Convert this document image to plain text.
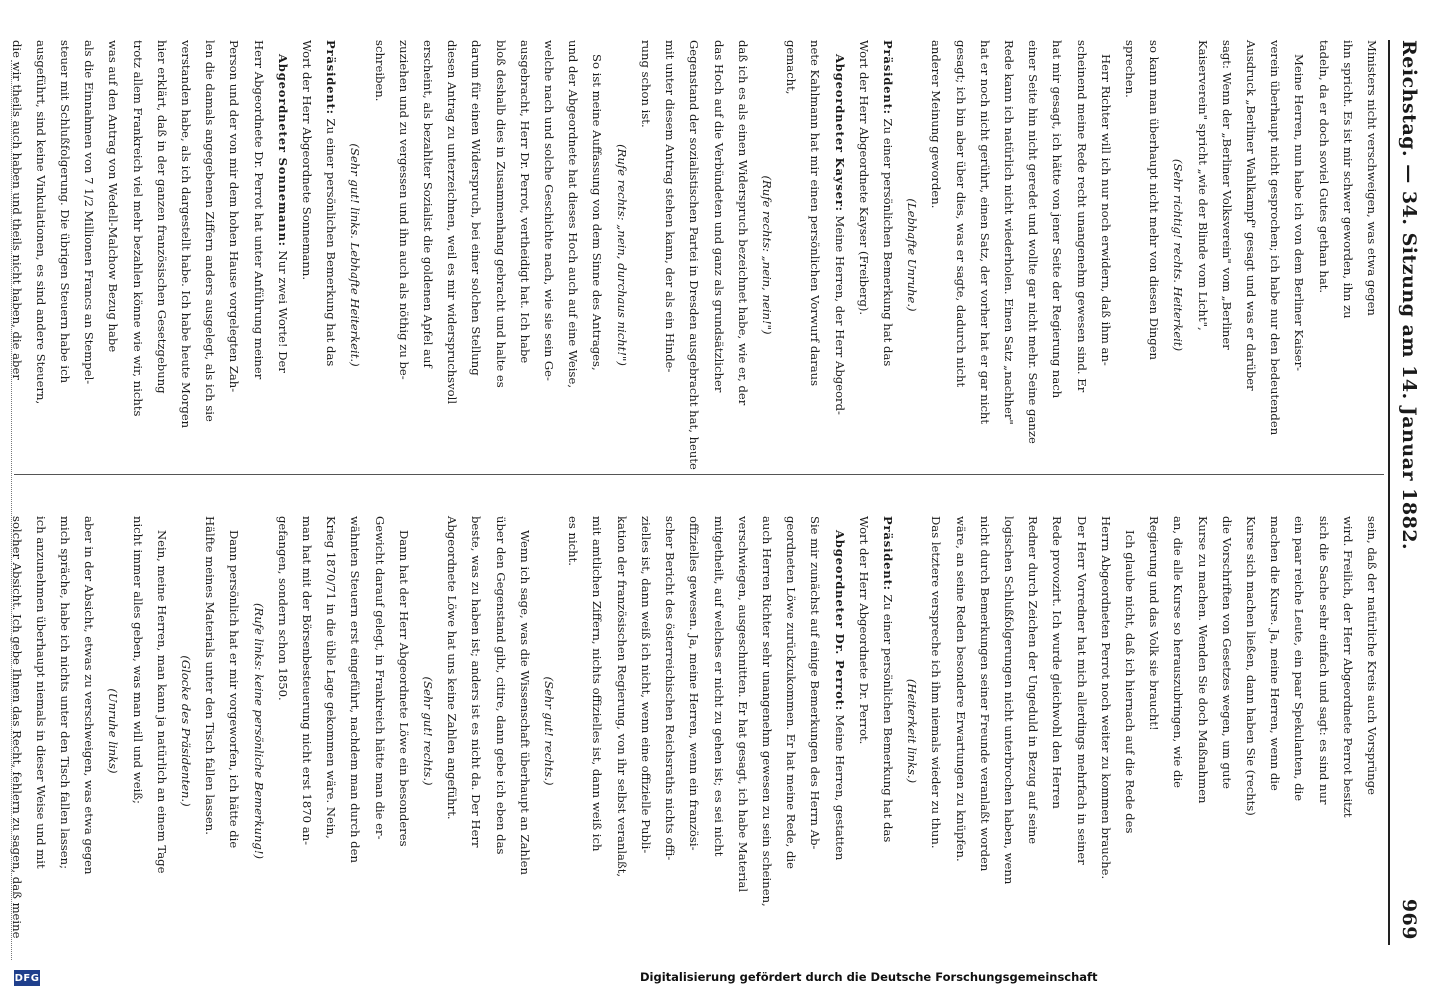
Reichstag. — 34. Sitzung am 14. Januar 1882.
969
sein, daß der natürliche Kreis auch Vorsprünge
wird. Freilich, der Herr Abgeordnete Perrot besitzt
sich die Sache sehr einfach und sagt: es sind nur
ein paar reiche Leute, ein paar Spekulanten, die
machen die Kurse. Ja, meine Herren, wenn die
Kurse sich machen ließen, dann haben Sie (rechts)
die Vorschriften von Gesetzes wegen, um gute
Kurse zu machen. Wenden Sie doch Maßnahmen
an, die alle Kurse so herauszubringen, wie die
Regierung und das Volk sie braucht!
Ich glaube nicht, daß ich hiernach auf die Rede des
Herrn Abgeordneten Perrot noch weiter zu kommen brauche.
Der Herr Vorredner hat mich allerdings mehrfach in seiner
Rede provozirt. Ich wurde gleichwohl den Herren
Redner durch Zeichen der Ungeduld in Bezug auf seine
logischen Schlußfolgerungen nicht unterbrochen haben, wenn
nicht durch Bemerkungen seiner Freunde veranlaßt worden
wäre, an seine Reden besondere Erwartungen zu knüpfen.
Das letztere verspreche ich ihm niemals wieder zu thun.
(Heiterkeit links.)
Präsident: Zu einer persönlichen Bemerkung hat das
Wort der Herr Abgeordnete Dr. Perrot.
Abgeordneter Dr. Perrot: Meine Herren, gestatten
Sie mir zunächst auf einige Bemerkungen des Herrn Ab-
geordneten Löwe zurückzukommen. Er hat meine Rede, die
auch Herren Richter sehr unangenehm gewesen zu sein scheinen,
verschwiegen, ausgeschnitten. Er hat gesagt, ich habe Material
mitgetheilt, auf welches er nicht zu gehen ist; es sei nicht
offizielles gewesen. Ja, meine Herren, wenn ein französi-
scher Bericht des österreichischen Reichsraths nichts offi-
zielles ist, dann weiß ich nicht, wenn eine offizielle Publi-
kation der französischen Regierung, von ihr selbst veranlaßt,
mit amtlichen Ziffern, nichts offizielles ist, dann weiß ich
es nicht.
(Sehr gut! rechts.)
Wenn ich sage, was die Wissenschaft überhaupt an Zahlen
über den Gegenstand gibt, citire, dann gebe ich eben das
beste, was zu haben ist; anders ist es nicht da. Der Herr
Abgeordnete Löwe hat uns keine Zahlen angeführt.
(Sehr gut! rechts.)
Dann hat der Herr Abgeordnete Löwe ein besonderes
Gewicht darauf gelegt, in Frankreich hätte man die er-
wähnten Steuern erst eingeführt, nachdem man durch den
Krieg 1870/71 in die üble Lage gekommen wäre. Nein,
man hat mit der Börsenbesteuerung nicht erst 1870 an-
gefangen, sondern schon 1850.
(Rufe links: keine persönliche Bemerkung!)
Dann persönlich hat er mir vorgeworfen, ich hätte die
Hälfte meines Materials unter den Tisch fallen lassen.
(Glocke des Präsidenten.)
Nein, meine Herren, man kann ja natürlich an einem Tage
nicht immer alles geben, was man will und weiß;
(Unruhe links)
aber in der Absicht, etwas zu verschweigen, was etwa gegen
mich spräche, habe ich nichts unter den Tisch fallen lassen;
ich anzunehmen überhaupt niemals in dieser Weise und mit
solcher Absicht. Ich gebe Ihnen das Recht, fehlern zu sagen, daß meine
Ministers nicht verschweigen, was etwa gegen
ihn spricht. Es ist mir schwer geworden, ihn zu
tadeln, da er doch soviel Gutes gethan hat.
Meine Herren, nun habe ich von dem Berliner Kaiser-
verein überhaupt nicht gesprochen; ich habe nur den bedeutenden
Ausdruck „Berliner Wahlkampf" gesagt und was er darüber
sagt: Wenn der „Berliner Volksverein" vom „Berliner
Kaiserverein" spricht „wie der Blinde vom Licht",
(Sehr richtig! rechts. Heiterkeit)
so kann man überhaupt nicht mehr von diesen Dingen
sprechen.
Herr Richter will ich nur noch erwidern, daß ihm an-
scheinend meine Rede recht unangenehm gewesen sind. Er
hat mir gesagt, ich hätte von jener Seite der Regierung nach
einer Seite hin nicht geredet und wollte gar nicht mehr. Seine ganze
Rede kann ich natürlich nicht wiederholen. Einen Satz „nachher"
hat er noch nicht gerührt, einen Satz, der vorher hat er gar nicht
gesagt; ich bin aber über dies, was er sagte, dadurch nicht
anderer Meinung geworden.
(Lebhafte Unruhe.)
Präsident: Zu einer persönlichen Bemerkung hat das
Wort der Herr Abgeordnete Kayser (Freiberg).
Abgeordneter Kayser: Meine Herren, der Herr Abgeord-
nete Kahlmann hat mir einen persönlichen Vorwurf daraus
gemacht,
(Rufe rechts: „nein, nein!")
daß ich es als einen Widerspruch bezeichnet habe, wie er, der
das Hoch auf die Verbündeten und ganz als grundsätzlicher
Gegenstand der sozialistischen Partei in Dresden ausgebracht hat, heute
mit unter diesem Antrag stehen kann, der als ein Hinde-
rung schon ist.
(Rufe rechts: „nein, durchaus nicht!")
So ist meine Auffassung von dem Sinne des Antrages,
und der Abgeordnete hat dieses Hoch auch auf eine Weise,
welche nach und solche Geschichte nach, wie sie sein Ge-
ausgebracht, Herr Dr. Perrot, vertheidigt hat. Ich habe
bloß deshalb dies in Zusammenhang gebracht und halte es
darum für einen Widerspruch, bei einer solchen Stellung
diesen Antrag zu unterzeichnen, weil es mir widerspruchsvoll
erscheint, als bezahlter Sozialist die goldenen Apfel auf
zuziehen und zu vergessen und ihn auch als nöthig zu be-
schreiben.
(Sehr gut! links. Lebhafte Heiterkeit.)
Präsident: Zu einer persönlichen Bemerkung hat das
Wort der Herr Abgeordnete Sonnemann.
Abgeordneter Sonnemann: Nur zwei Worte! Der
Herr Abgeordnete Dr. Perrot hat unter Anführung meiner
Person und der von mir dem hohen Hause vorgelegten Zah-
len die damals angegebenen Ziffern anders ausgelegt, als ich sie
verstanden habe, als ich dargestellt habe. Ich habe heute Morgen
hier erklärt, daß in der ganzen französischen Gesetzgebung
trotz allem Frankreich viel mehr bezahlen könne wie wir, nichts
was auf den Antrag von Wedell-Malchow Bezug habe
als die Einnahmen von 7 1/2 Millionen Francs an Stempel-
steuer mit Schlußfolgerung. Die übrigen Steuern habe ich
ausgeführt, sind keine Vinkulationen, es sind andere Steuern,
die wir theils auch haben und theils nicht haben, die aber
DFG	Digitalisierung gefördert durch die Deutsche Forschungsgemeinschaft
